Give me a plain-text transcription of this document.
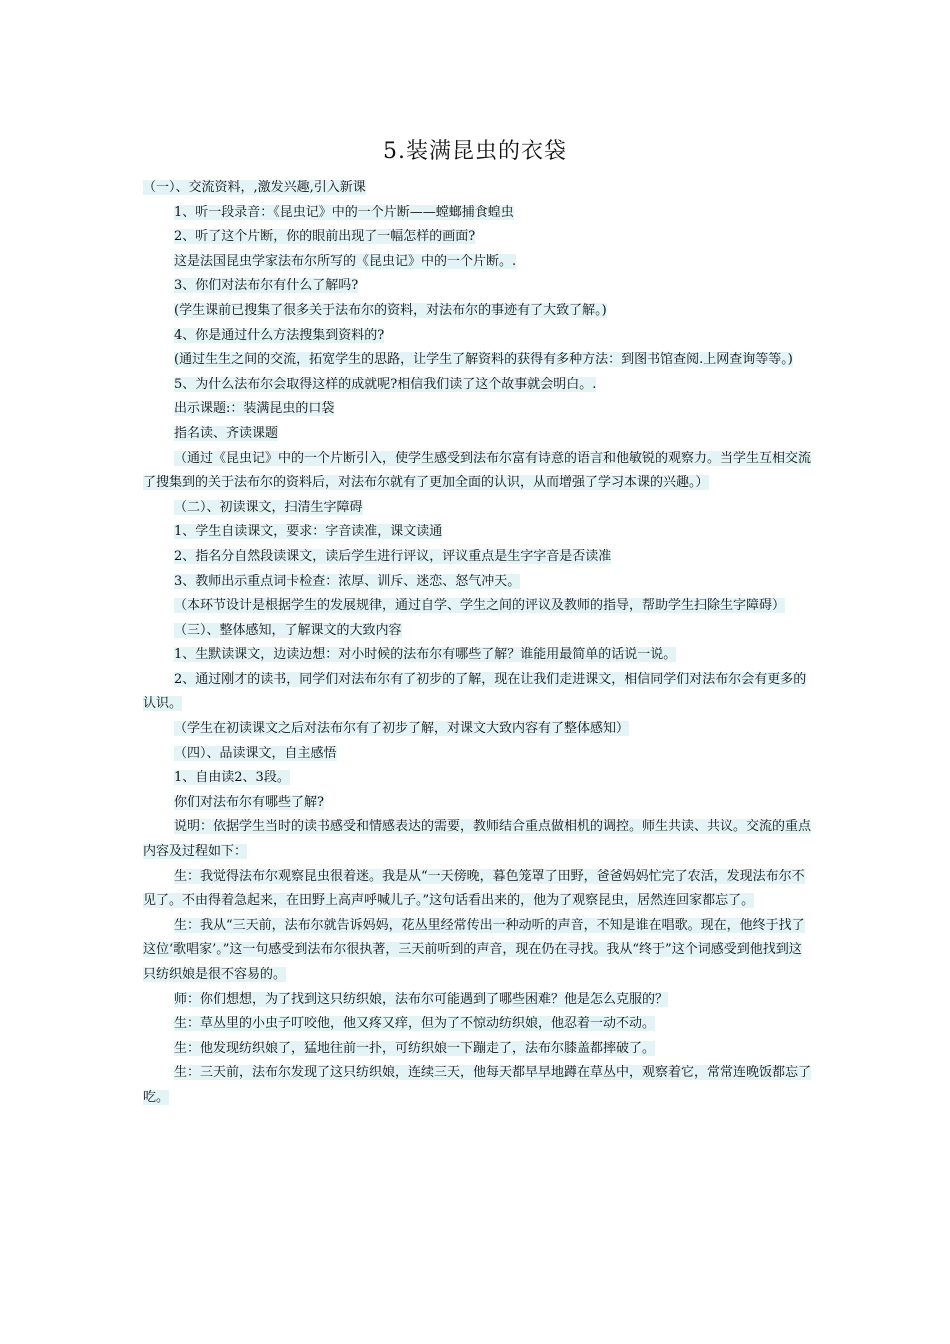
5.装满昆虫的衣袋

（一）、交流资料，,激发兴趣,引入新课

1、听一段录音：《昆虫记》中的一个片断——螳螂捕食蝗虫

2、听了这个片断，你的眼前出现了一幅怎样的画面?

这是法国昆虫学家法布尔所写的《昆虫记》中的一个片断。.

3、你们对法布尔有什么了解吗?

(学生课前已搜集了很多关于法布尔的资料，对法布尔的事迹有了大致了解。)

4、你是通过什么方法搜集到资料的?

(通过生生之间的交流，拓宽学生的思路，让学生了解资料的获得有多种方法：到图书馆查阅.上网查询等等。)

5、为什么法布尔会取得这样的成就呢?相信我们读了这个故事就会明白。.

出示课题:：装满昆虫的口袋

指名读、齐读课题

（通过《昆虫记》中的一个片断引入，使学生感受到法布尔富有诗意的语言和他敏锐的观察力。当学生互相交流了搜集到的关于法布尔的资料后，对法布尔就有了更加全面的认识，从而增强了学习本课的兴趣。）

（二）、初读课文，扫清生字障碍

1、学生自读课文，要求：字音读准，课文读通

2、指名分自然段读课文，读后学生进行评议，评议重点是生字字音是否读准

3、教师出示重点词卡检查：浓厚、训斥、迷恋、怒气冲天。

（本环节设计是根据学生的发展规律，通过自学、学生之间的评议及教师的指导，帮助学生扫除生字障碍）

（三）、整体感知，了解课文的大致内容

1、生默读课文，边读边想：对小时候的法布尔有哪些了解？谁能用最简单的话说一说。

2、通过刚才的读书，同学们对法布尔有了初步的了解，现在让我们走进课文，相信同学们对法布尔会有更多的认识。

（学生在初读课文之后对法布尔有了初步了解，对课文大致内容有了整体感知）

（四）、品读课文，自主感悟

1、自由读2、3段。

你们对法布尔有哪些了解?

说明：依据学生当时的读书感受和情感表达的需要，教师结合重点做相机的调控。师生共读、共议。交流的重点内容及过程如下：

生：我觉得法布尔观察昆虫很着迷。我是从“一天傍晚，暮色笼罩了田野，爸爸妈妈忙完了农活，发现法布尔不见了。不由得着急起来，在田野上高声呼喊儿子。”这句话看出来的，他为了观察昆虫，居然连回家都忘了。

生：我从“三天前，法布尔就告诉妈妈，花丛里经常传出一种动听的声音，不知是谁在唱歌。现在，他终于找了这位‘歌唱家’。”这一句感受到法布尔很执著，三天前听到的声音，现在仍在寻找。我从“终于”这个词感受到他找到这只纺织娘是很不容易的。

师：你们想想，为了找到这只纺织娘，法布尔可能遇到了哪些困难？他是怎么克服的？

生：草丛里的小虫子叮咬他，他又疼又痒，但为了不惊动纺织娘，他忍着一动不动。

生：他发现纺织娘了，猛地往前一扑，可纺织娘一下蹦走了，法布尔膝盖都摔破了。

生：三天前，法布尔发现了这只纺织娘，连续三天，他每天都早早地蹲在草丛中，观察着它，常常连晚饭都忘了吃。
